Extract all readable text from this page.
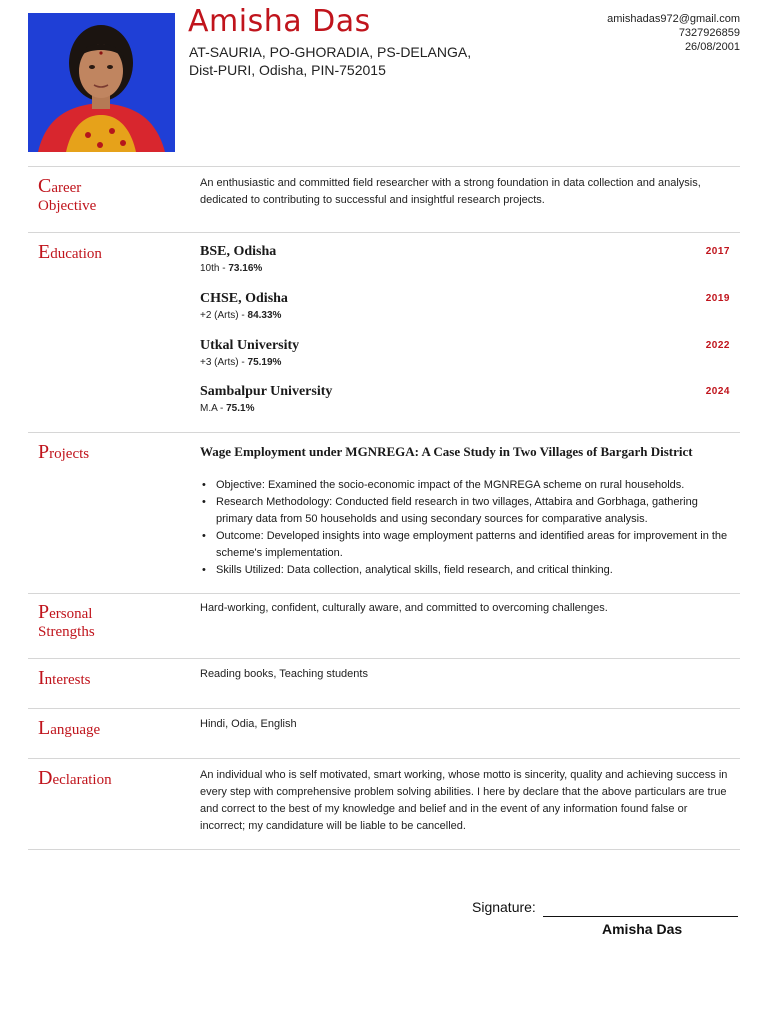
Amisha Das
AT-SAURIA, PO-GHORADIA, PS-DELANGA, Dist-PURI, Odisha, PIN-752015
amishadas972@gmail.com
7327926859
26/08/2001
Career
Objective
An enthusiastic and committed field researcher with a strong foundation in data collection and analysis, dedicated to contributing to successful and insightful research projects.
Education	BSE, Odisha
10th - 73.16%
2017
CHSE, Odisha
+2 (Arts) - 84.33%
2019
Utkal University
+3 (Arts) - 75.19%
2022
Sambalpur University
M.A - 75.1%
2024
Projects	Wage Employment under MGNREGA: A Case Study in Two Villages of Bargarh District
• Objective: Examined the socio-economic impact of the MGNREGA scheme on rural households.
• Research Methodology: Conducted field research in two villages, Attabira and Gorbhaga, gathering primary data from 50 households and using secondary sources for comparative analysis.
• Outcome: Developed insights into wage employment patterns and identified areas for improvement in the scheme's implementation.
• Skills Utilized: Data collection, analytical skills, field research, and critical thinking.
Personal
Strengths
Hard-working, confident, culturally aware, and committed to overcoming challenges.
Interests	Reading books, Teaching students
Language	Hindi, Odia, English
Declaration	An individual who is self motivated, smart working, whose motto is sincerity, quality and achieving success in every step with comprehensive problem solving abilities. I here by declare that the above particulars are true and correct to the best of my knowledge and belief and in the event of any information found false or incorrect; my candidature will be liable to be cancelled.
Signature:
Amisha Das
